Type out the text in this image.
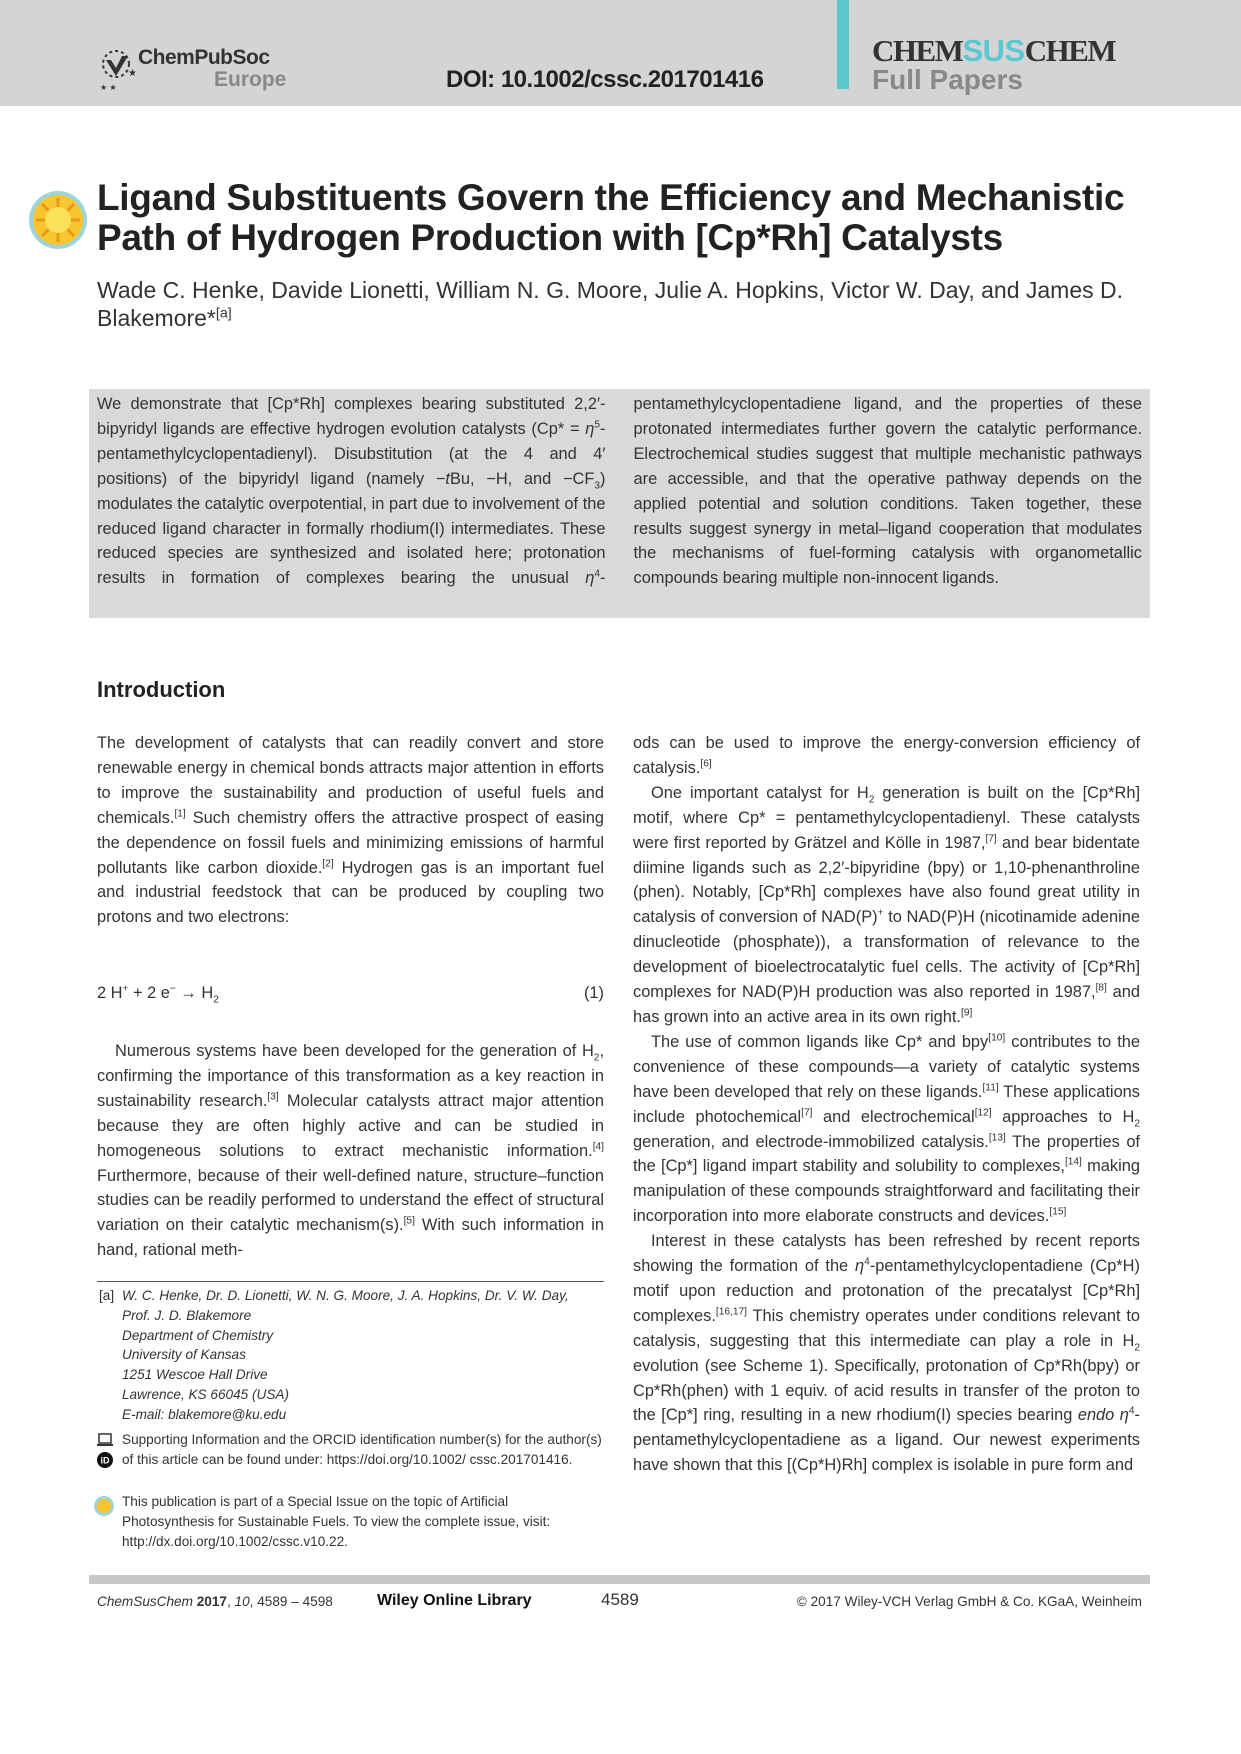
★
★ ★
ChemPubSoc
Europe	DOI: 10.1002/cssc.201701416
CHEMSUSCHEM
Full Papers
Ligand Substituents Govern the Efficiency and Mechanistic
Path of Hydrogen Production with [Cp*Rh] Catalysts
Wade C. Henke, Davide Lionetti, William N. G. Moore, Julie A. Hopkins, Victor W. Day, and James D. Blakemore*[a]
We demonstrate that [Cp*Rh] complexes bearing substituted 2,2′-bipyridyl ligands are effective hydrogen evolution catalysts $(Cp* = \eta^5-pentamethylcyclopentadienyl)$. Disubstitution (at the 4 and 4′ positions) of the bipyridyl ligand (namely −tBu, −H, and $-CF_3$) modulates the catalytic overpotential, in part due to involvement of the reduced ligand character in formally rhodium(I) intermediates. These reduced species are synthesized and isolated here; protonation results in formation of complexes bearing the unusual $\eta^4$-pentamethylcyclopentadiene ligand, and the properties of these protonated intermediates further govern the catalytic performance. Electrochemical studies suggest that multiple mechanistic pathways are accessible, and that the operative pathway depends on the applied potential and solution conditions. Taken together, these results suggest synergy in metal–ligand cooperation that modulates the mechanisms of fuel-forming catalysis with organometallic compounds bearing multiple non-innocent ligands.
Introduction

The development of catalysts that can readily convert and store renewable energy in chemical bonds attracts major attention in efforts to improve the sustainability and production of useful fuels and chemicals.[1] Such chemistry offers the attractive prospect of easing the dependence on fossil fuels and minimizing emissions of harmful pollutants like carbon dioxide.[2] Hydrogen gas is an important fuel and industrial feedstock that can be produced by coupling two protons and two electrons:

2 H+ + 2 $e^- \to H_2$	(1)

Numerous systems have been developed for the generation of $H_2$, confirming the importance of this transformation as a key reaction in sustainability research.[3] Molecular catalysts attract major attention because they are often highly active and can be studied in homogeneous solutions to extract mechanistic information.[4] Furthermore, because of their well-defined nature, structure–function studies can be readily performed to understand the effect of structural variation on their catalytic mechanism(s).[5] With such information in hand, rational meth-

ods can be used to improve the energy-conversion efficiency of catalysis.[6]

One important catalyst for $H_2$ generation is built on the [Cp*Rh] motif, where Cp* = pentamethylcyclopentadienyl. These catalysts were first reported by Grätzel and Kölle in 1987,[7] and bear bidentate diimine ligands such as 2,2′-bipyridine (bpy) or 1,10-phenanthroline (phen). Notably, [Cp*Rh] complexes have also found great utility in catalysis of conversion of NAD(P)+ to NAD(P)H (nicotinamide adenine dinucleotide (phosphate)), a transformation of relevance to the development of bioelectrocatalytic fuel cells. The activity of [Cp*Rh] complexes for NAD(P)H production was also reported in 1987,[8] and has grown into an active area in its own right.[9]

The use of common ligands like Cp* and bpy[10] contributes to the convenience of these compounds—a variety of catalytic systems have been developed that rely on these ligands.[11] These applications include photochemical[7] and electrochemical[12] approaches to $H_2$ generation, and electrode-immobilized catalysis.[13] The properties of the [Cp*] ligand impart stability and solubility to complexes,[14] making manipulation of these compounds straightforward and facilitating their incorporation into more elaborate constructs and devices.[15]

Interest in these catalysts has been refreshed by recent reports showing the formation of the $\eta^4$-pentamethylcyclopentadiene (Cp*H) motif upon reduction and protonation of the precatalyst [Cp*Rh] complexes.[16,17] This chemistry operates under conditions relevant to catalysis, suggesting that this intermediate can play a role in $H_2$ evolution (see Scheme 1). Specifically, protonation of Cp*Rh(bpy) or Cp*Rh(phen) with 1 equiv. of acid results in transfer of the proton to the [Cp*] ring, resulting in a new rhodium(I) species bearing endo $\eta^4$-pentamethylcyclopentadiene as a ligand. Our newest experiments have shown that this [(Cp*H)Rh] complex is isolable in pure form and

[a] W. C. Henke, Dr. D. Lionetti, W. N. G. Moore, J. A. Hopkins, Dr. V. W. Day,
Prof. J. D. Blakemore
Department of Chemistry
University of Kansas
1251 Wescoe Hall Drive
Lawrence, KS 66045 (USA)
E-mail: blakemore@ku.edu
iD
Supporting Information and the ORCID identification number(s) for the author(s) of this article can be found under: https://doi.org/10.1002/ cssc.201701416.
This publication is part of a Special Issue on the topic of Artificial Photosynthesis for Sustainable Fuels. To view the complete issue, visit: http://dx.doi.org/10.1002/cssc.v10.22.
ChemSusChem 2017, 10, 4589 – 4598	Wiley Online Library	4589	© 2017 Wiley-VCH Verlag GmbH & Co. KGaA, Weinheim
